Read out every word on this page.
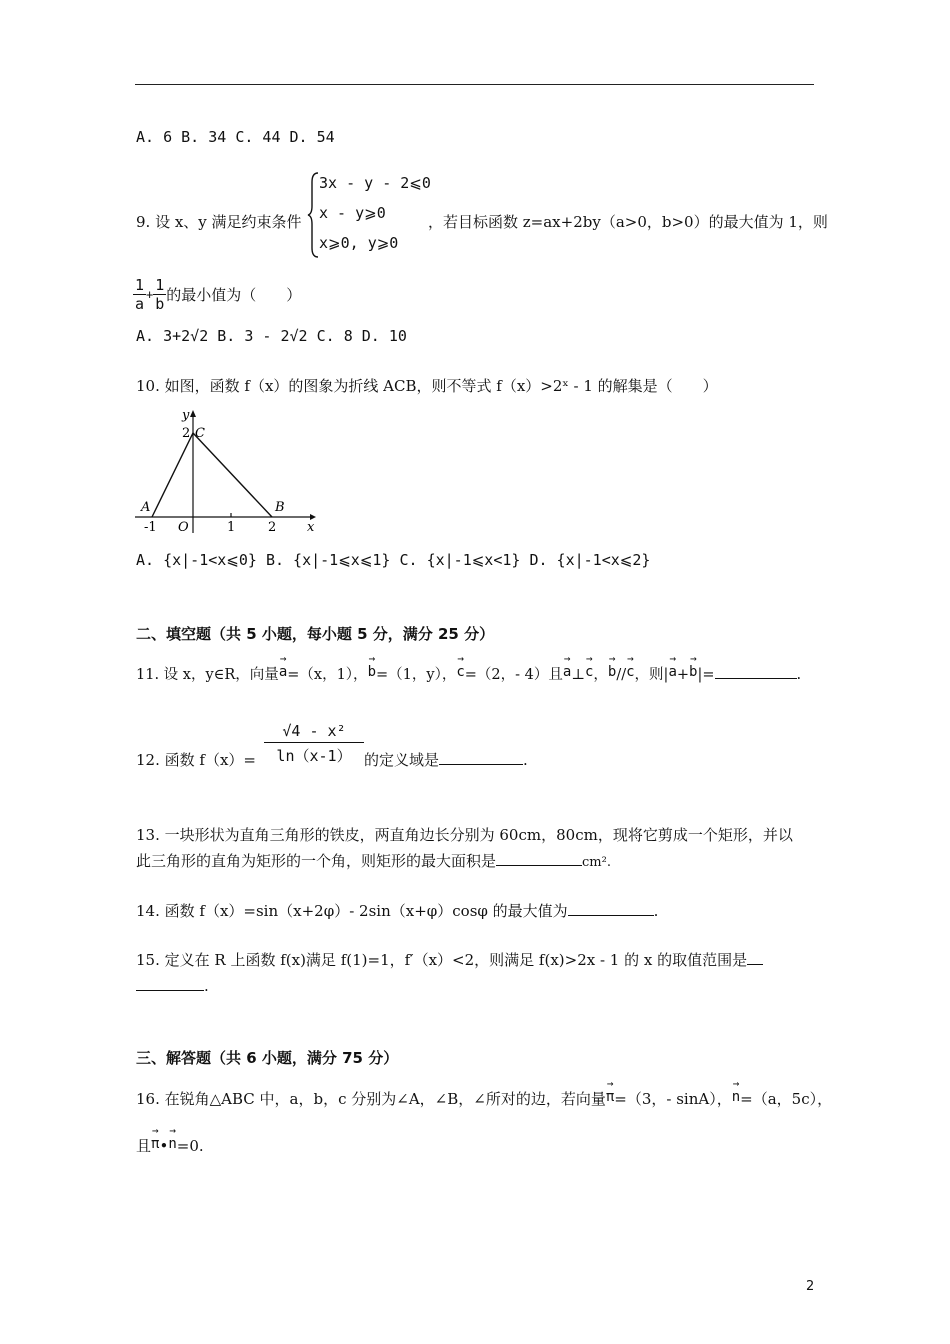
A. 6 B. 34 C. 44 D. 54
9. 设 x、y 满足约束条件
3x - y - 2⩽0
x - y⩾0
x⩾0, y⩾0
，若目标函数 z=ax+2by（a>0，b>0）的最大值为 1，则
$\frac{1}{a} + \frac{1}{b}$ 的最小值为（　　）
A. 3+2√2 B. 3 - 2√2 C. 8 D. 10
10. 如图，函数 f（x）的图象为折线 ACB，则不等式 f（x）>2ˣ - 1 的解集是（　　）
y
x
2 C
A	B
-1 O	1	2
A. {x|-1<x⩽0} B. {x|-1⩽x⩽1} C. {x|-1⩽x<1} D. {x|-1<x⩽2}
二、填空题（共 5 小题，每小题 5 分，满分 25 分）
11. 设 x，y∈R，向量→ a=（x，1），→ b=（1，y），→ c=（2，- 4）且→ a⊥→ c，→ b//→ c，则|→ a+→ b|=	.
12. 函数 $f(x)= \frac{\text{√4 - x²}}{\ln(x-1)}$ 的定义域是	.
13. 一块形状为直角三角形的铁皮，两直角边长分别为 60cm，80cm，现将它剪成一个矩形，并以
此三角形的直角为矩形的一个角，则矩形的最大面积是	cm².
14. 函数 f（x）=sin（x+2φ）- 2sin（x+φ）cosφ 的最大值为	.
15. 定义在 R 上函数 f(x)满足 f(1)=1，f′（x）<2，则满足 f(x)>2x - 1 的 x 的取值范围是
.
三、解答题（共 6 小题，满分 75 分）
16. 在锐角△ABC 中，a，b，c 分别为∠A，∠B，∠所对的边，若向量→ π=（3，- sinA），→ n=（a，5c），
且→ π•→ n=0.
2
